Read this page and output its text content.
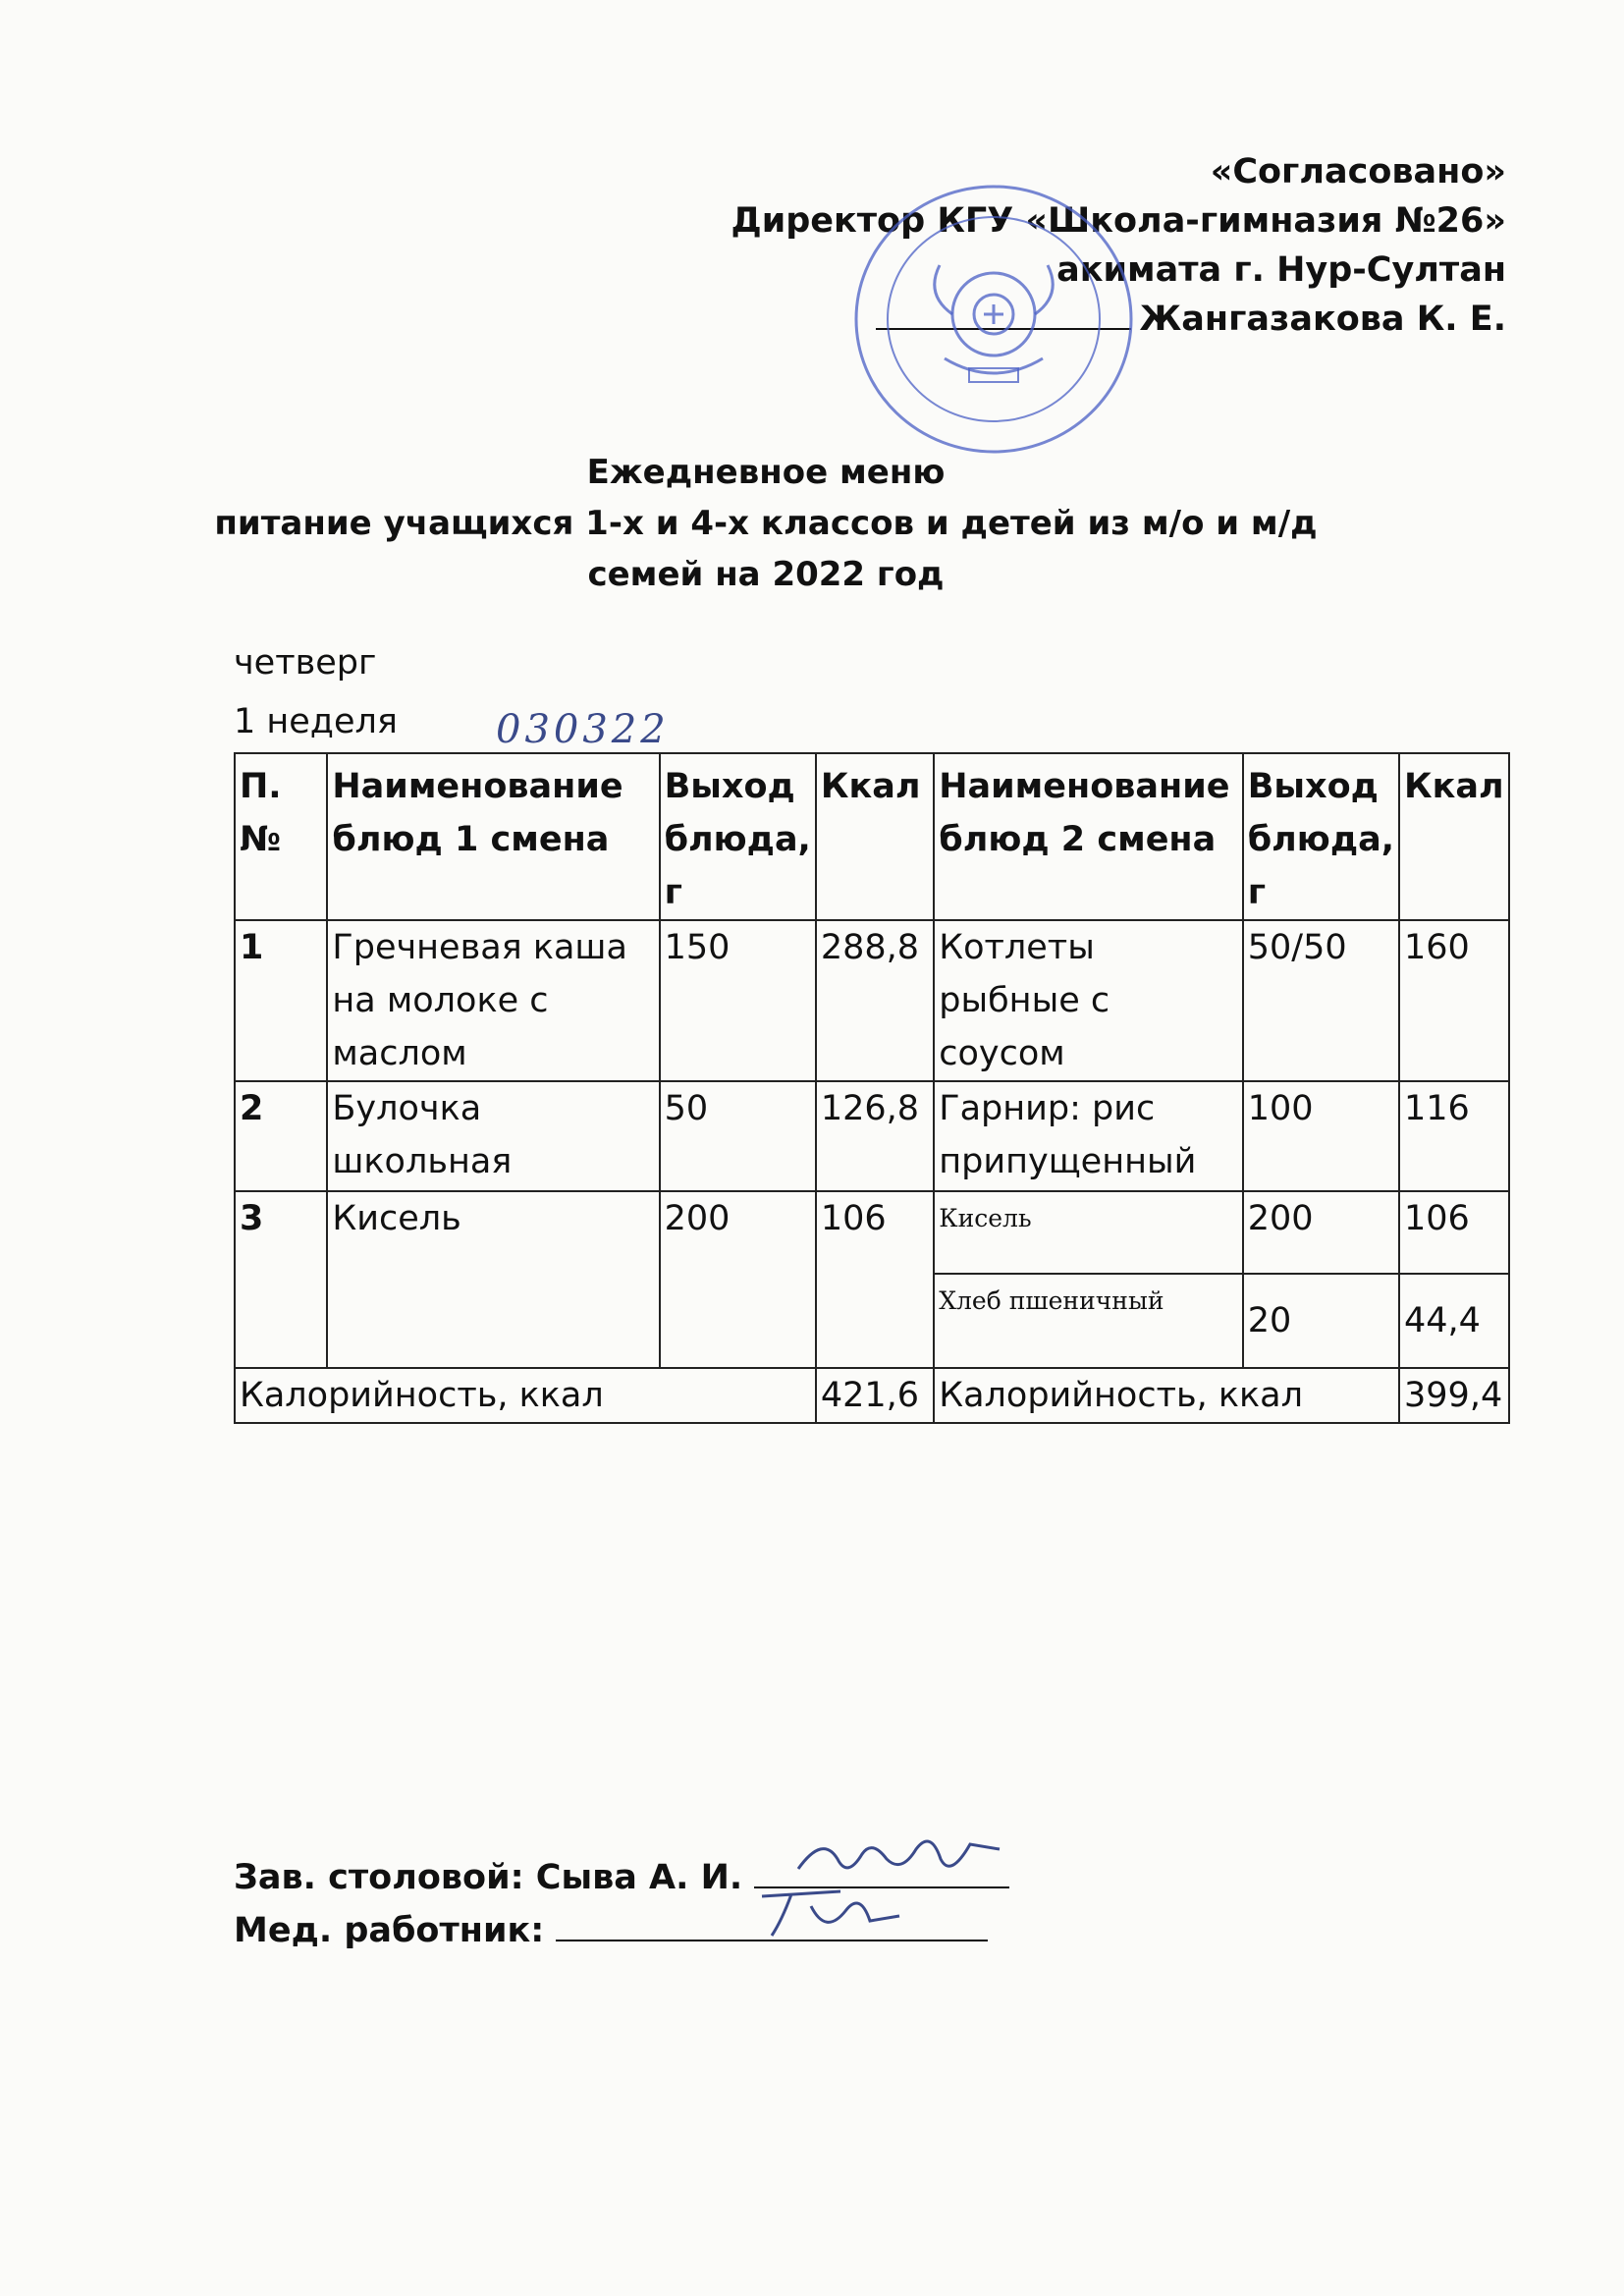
«Согласовано»
Директор КГУ «Школа-гимназия №26»
акимата г. Нур-Султан
Жангазакова К. Е.
Ежедневное меню
питание учащихся 1-х и 4-х классов и детей из м/о и м/д
семей на 2022 год
четверг
1 неделя	030322
П.№	Наименование блюд 1 смена	Выход блюда, г	Ккал	Наименование блюд 2 смена	Выход блюда, г	Ккал
1	Гречневая каша на молоке с маслом	150	288,8	Котлеты рыбные с соусом	50/50	160
2	Булочка школьная	50	126,8	Гарнир: рис припущенный	100	116
3	Кисель	200	106	Кисель	200	106
				Хлеб пшеничный	20	44,4
Калорийность, ккал			421,6	Калорийность, ккал		399,4
Зав. столовой: Сыва А. И.
Мед. работник:
